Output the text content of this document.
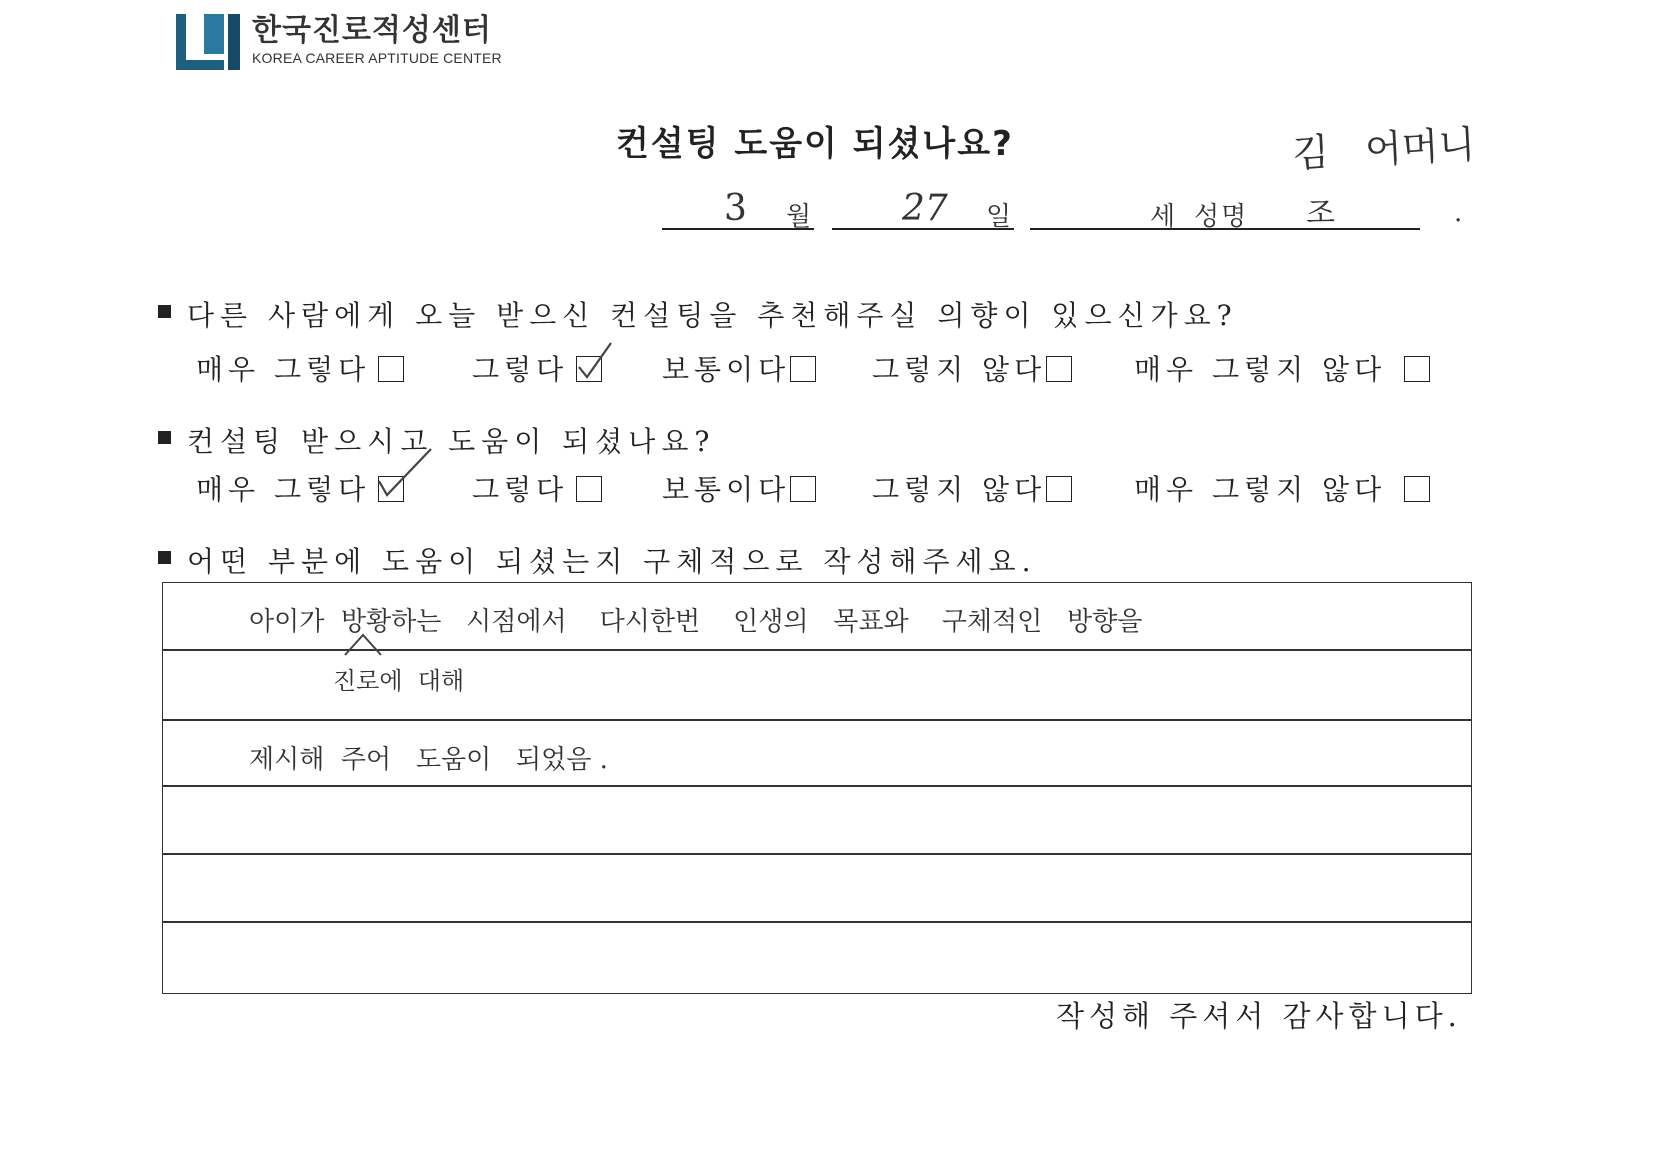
한국진로적성센터
KOREA CAREER APTITUDE CENTER
컨설팅 도움이 되셨나요?	김   어머니
3 월	27 일	세 성명 조	.
다른 사람에게 오늘 받으신 컨설팅을 추천해주실 의향이 있으신가요?
매우 그렇다	그렇다	보통이다	그렇지 않다	매우 그렇지 않다
컨설팅 받으시고 도움이 되셨나요?
매우 그렇다	그렇다	보통이다	그렇지 않다	매우 그렇지 않다
어떤 부분에 도움이 되셨는지 구체적으로 작성해주세요.
아이가  방황하는   시점에서    다시한번    인생의   목표와    구체적인   방향을
진로에  대해
제시해  주어   도움이   되었음 .
작성해 주셔서 감사합니다.
